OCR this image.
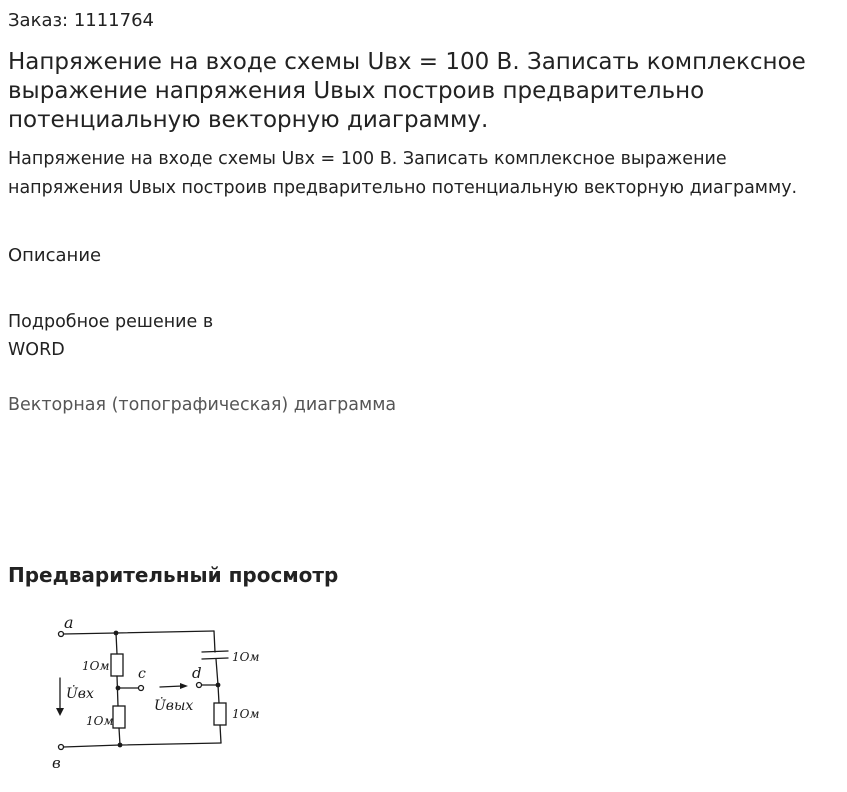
Заказ: 1111764
Напряжение на входе схемы Uвх = 100 В. Записать комплексное выражение напряжения Uвых построив предварительно потенциальную векторную диаграмму.
Напряжение на входе схемы Uвх = 100 В. Записать комплексное выражение напряжения Uвых построив предварительно потенциальную векторную диаграмму.
Описание
Подробное решение в WORD
Векторная (топографическая) диаграмма
Предварительный просмотр
a
в
c	d
1Ом
1Ом
1Ом
1Ом
U̇вх
U̇вых
